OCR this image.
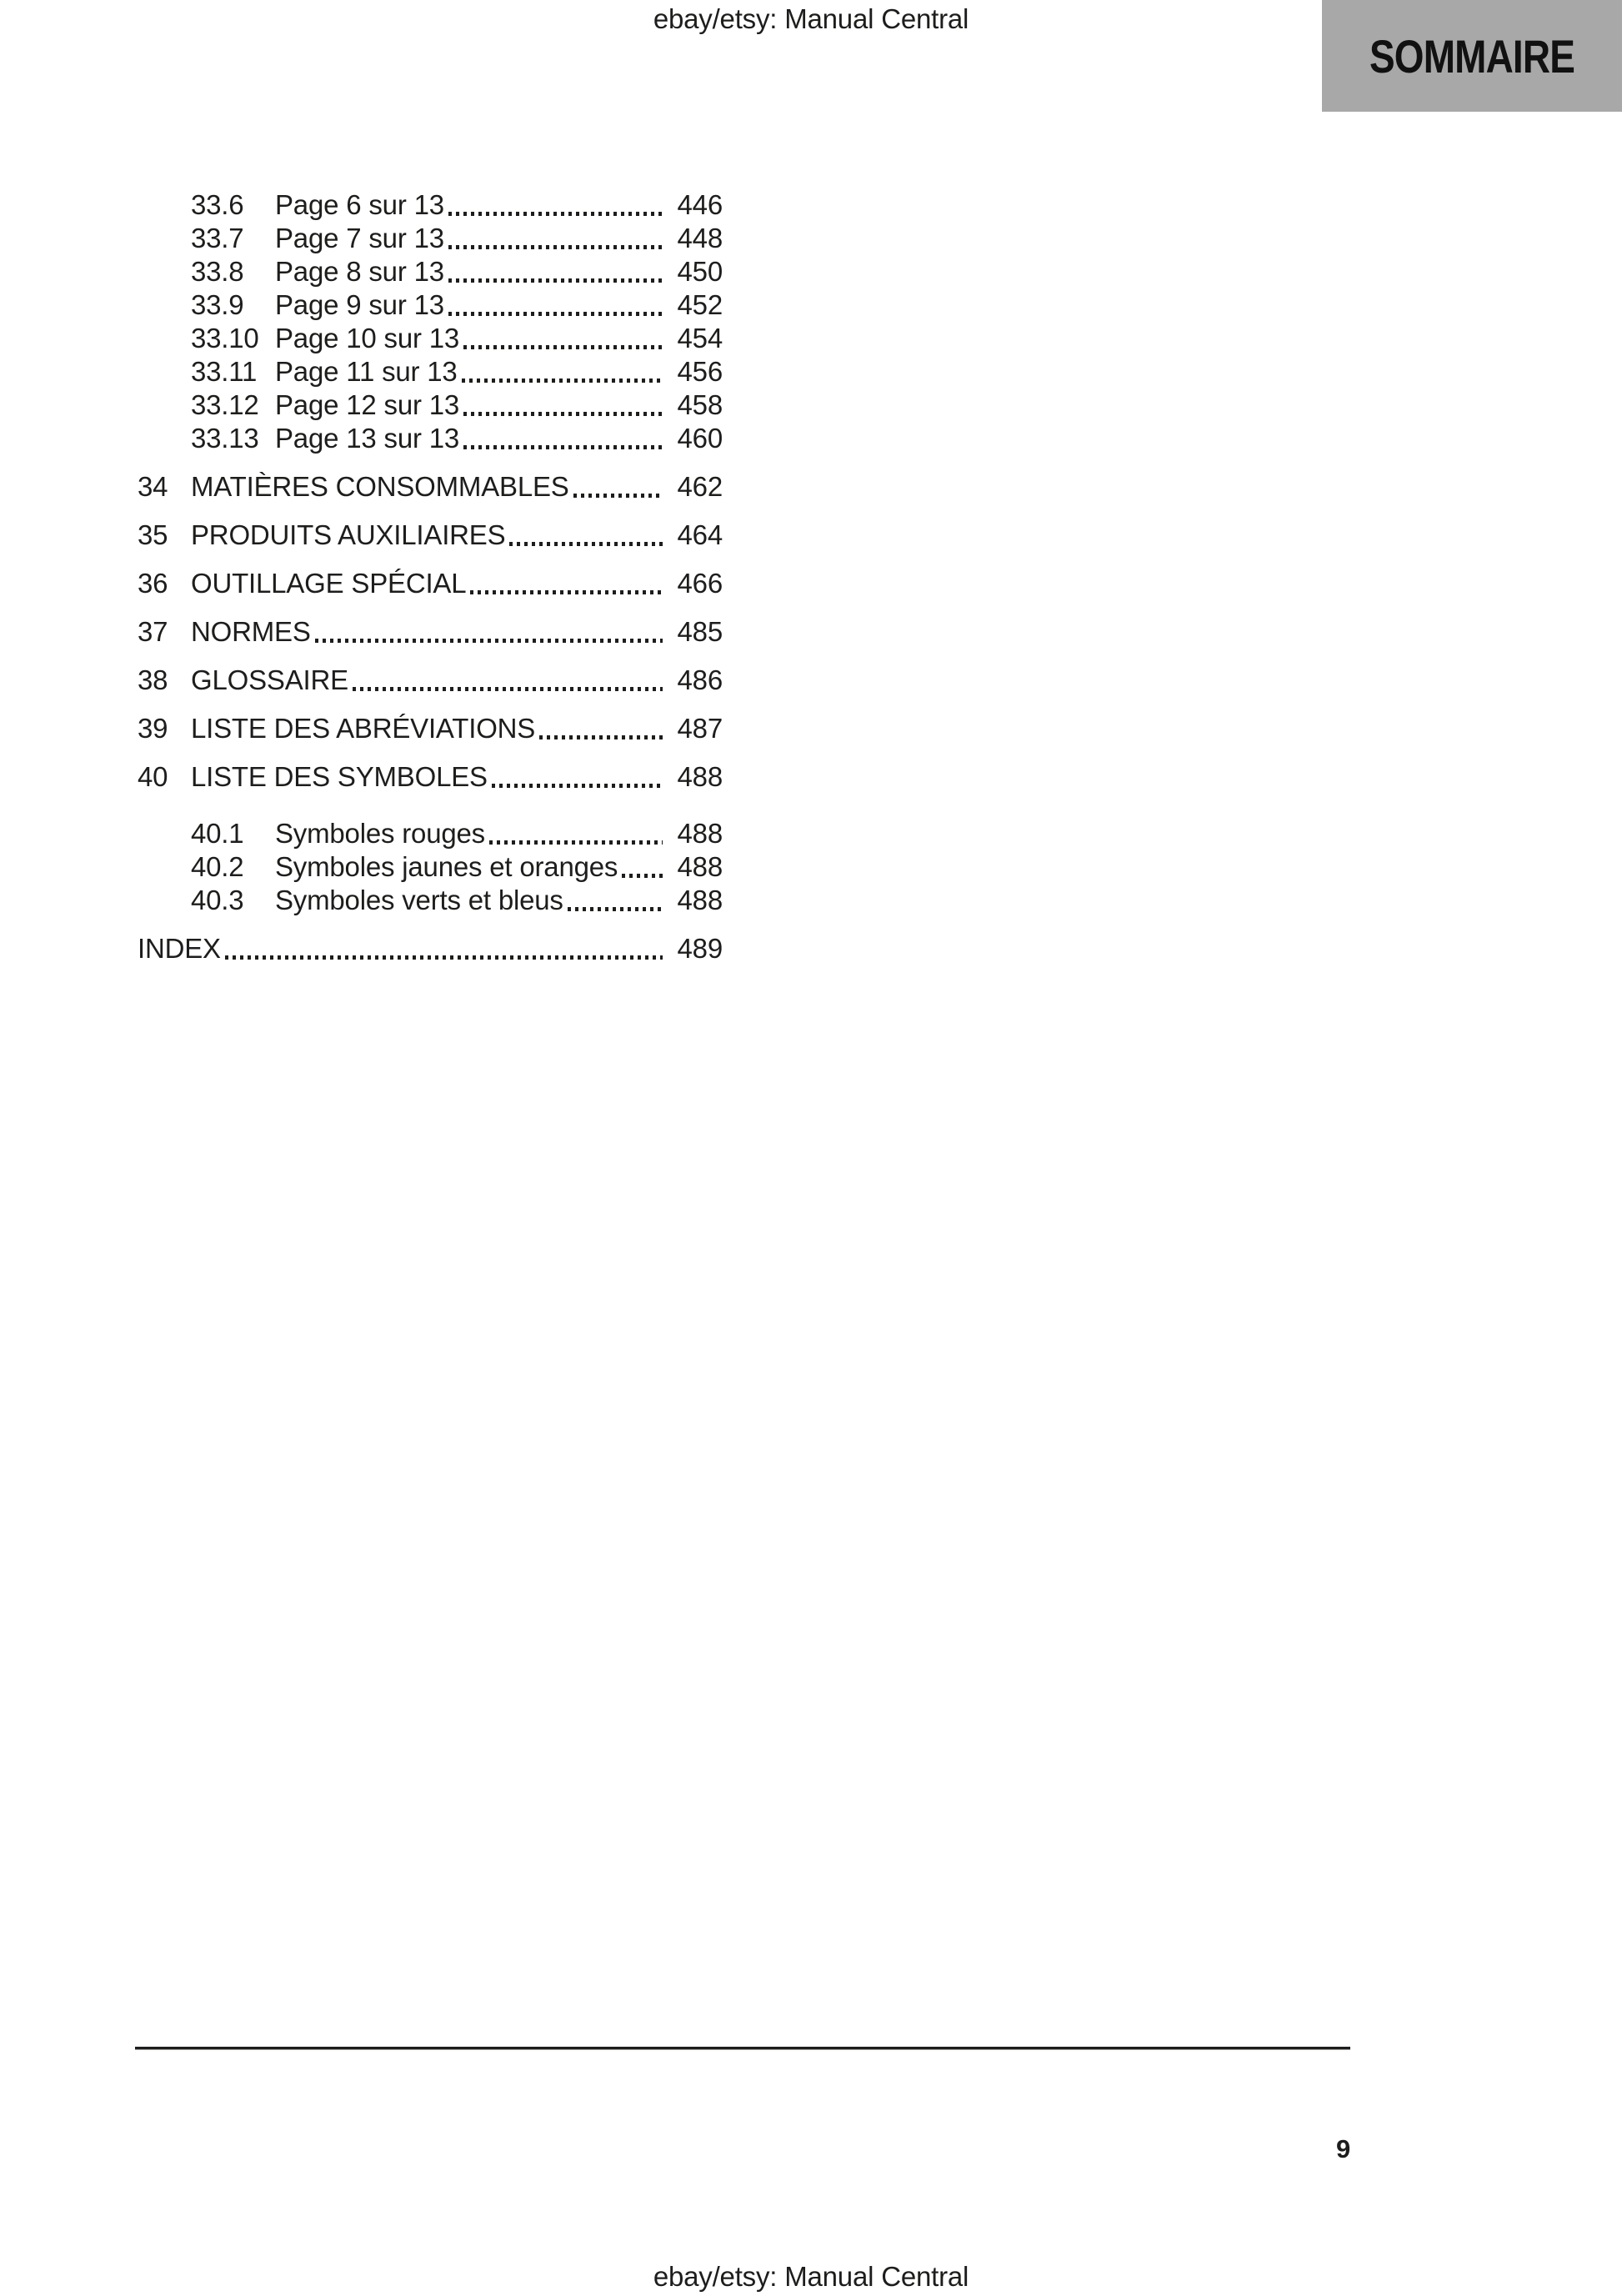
ebay/etsy: Manual Central
SOMMAIRE
33.6	Page 6 sur 13	446
33.7	Page 7 sur 13	448
33.8	Page 8 sur 13	450
33.9	Page 9 sur 13	452
33.10 Page 10 sur 13	454
33.11 Page 11 sur 13	456
33.12 Page 12 sur 13	458
33.13 Page 13 sur 13	460
34 MATIÈRES CONSOMMABLES	462
35 PRODUITS AUXILIAIRES	464
36 OUTILLAGE SPÉCIAL	466
37 NORMES	485
38 GLOSSAIRE	486
39 LISTE DES ABRÉVIATIONS	487
40 LISTE DES SYMBOLES	488
40.1	Symboles rouges	488
40.2	Symboles jaunes et oranges 488
40.3	Symboles verts et bleus	488
INDEX	489
9
ebay/etsy: Manual Central
